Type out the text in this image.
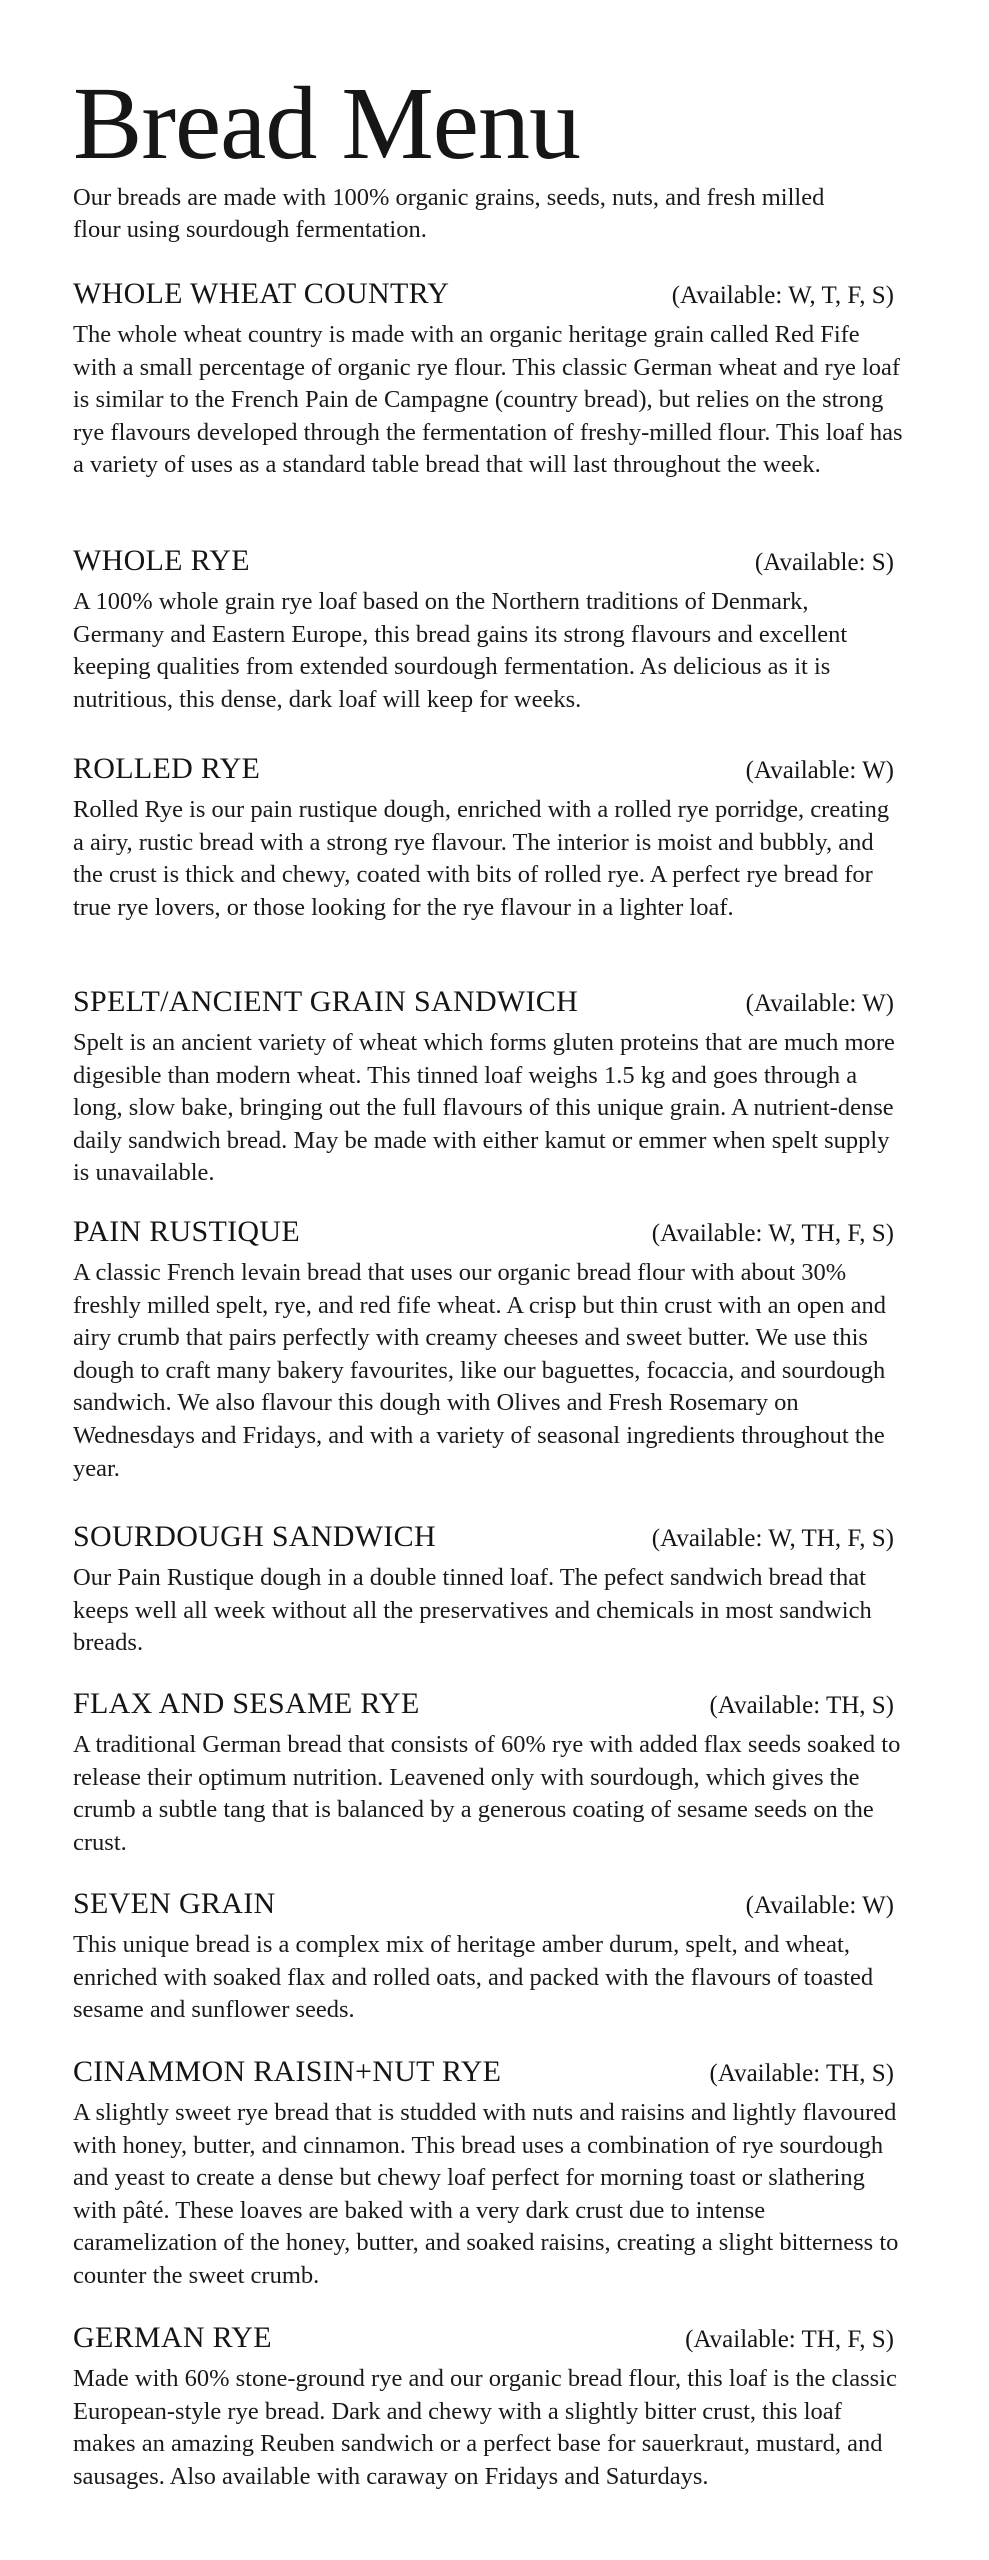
Bread Menu

Our breads are made with 100% organic grains, seeds, nuts, and fresh milled flour using sourdough fermentation.

WHOLE WHEAT COUNTRY	(Available: W, T, F, S)

The whole wheat country is made with an organic heritage grain called Red Fife with a small percentage of organic rye flour. This classic German wheat and rye loaf is similar to the French Pain de Campagne (country bread), but relies on the strong rye flavours developed through the fermentation of freshy-milled flour. This loaf has a variety of uses as a standard table bread that will last throughout the week.

WHOLE RYE	(Available: S)

A 100% whole grain rye loaf based on the Northern traditions of Denmark, Germany and Eastern Europe, this bread gains its strong flavours and excellent keeping qualities from extended sourdough fermentation. As delicious as it is nutritious, this dense, dark loaf will keep for weeks.

ROLLED RYE	(Available: W)

Rolled Rye is our pain rustique dough, enriched with a rolled rye porridge, creating a airy, rustic bread with a strong rye flavour. The interior is moist and bubbly, and the crust is thick and chewy, coated with bits of rolled rye. A perfect rye bread for true rye lovers, or those looking for the rye flavour in a lighter loaf.

SPELT/ANCIENT GRAIN SANDWICH	(Available: W)

Spelt is an ancient variety of wheat which forms gluten proteins that are much more digesible than modern wheat. This tinned loaf weighs 1.5 kg and goes through a long, slow bake, bringing out the full flavours of this unique grain. A nutrient-dense daily sandwich bread. May be made with either kamut or emmer when spelt supply is unavailable.

PAIN RUSTIQUE	(Available: W, TH, F, S)

A classic French levain bread that uses our organic bread flour with about 30% freshly milled spelt, rye, and red fife wheat. A crisp but thin crust with an open and airy crumb that pairs perfectly with creamy cheeses and sweet butter. We use this dough to craft many bakery favourites, like our baguettes, focaccia, and sourdough sandwich. We also flavour this dough with Olives and Fresh Rosemary on Wednesdays and Fridays, and with a variety of seasonal ingredients throughout the year.

SOURDOUGH SANDWICH	(Available: W, TH, F, S)

Our Pain Rustique dough in a double tinned loaf. The pefect sandwich bread that keeps well all week without all the preservatives and chemicals in most sandwich breads.

FLAX AND SESAME RYE	(Available: TH, S)

A traditional German bread that consists of 60% rye with added flax seeds soaked to release their optimum nutrition. Leavened only with sourdough, which gives the crumb a subtle tang that is balanced by a generous coating of sesame seeds on the crust.

SEVEN GRAIN	(Available: W)

This unique bread is a complex mix of heritage amber durum, spelt, and wheat, enriched with soaked flax and rolled oats, and packed with the flavours of toasted sesame and sunflower seeds.

CINAMMON RAISIN+NUT RYE	(Available: TH, S)

A slightly sweet rye bread that is studded with nuts and raisins and lightly flavoured with honey, butter, and cinnamon. This bread uses a combination of rye sourdough and yeast to create a dense but chewy loaf perfect for morning toast or slathering with pâté. These loaves are baked with a very dark crust due to intense caramelization of the honey, butter, and soaked raisins, creating a slight bitterness to counter the sweet crumb.

GERMAN RYE	(Available: TH, F, S)

Made with 60% stone-ground rye and our organic bread flour, this loaf is the classic European-style rye bread. Dark and chewy with a slightly bitter crust, this loaf makes an amazing Reuben sandwich or a perfect base for sauerkraut, mustard, and sausages. Also available with caraway on Fridays and Saturdays.
